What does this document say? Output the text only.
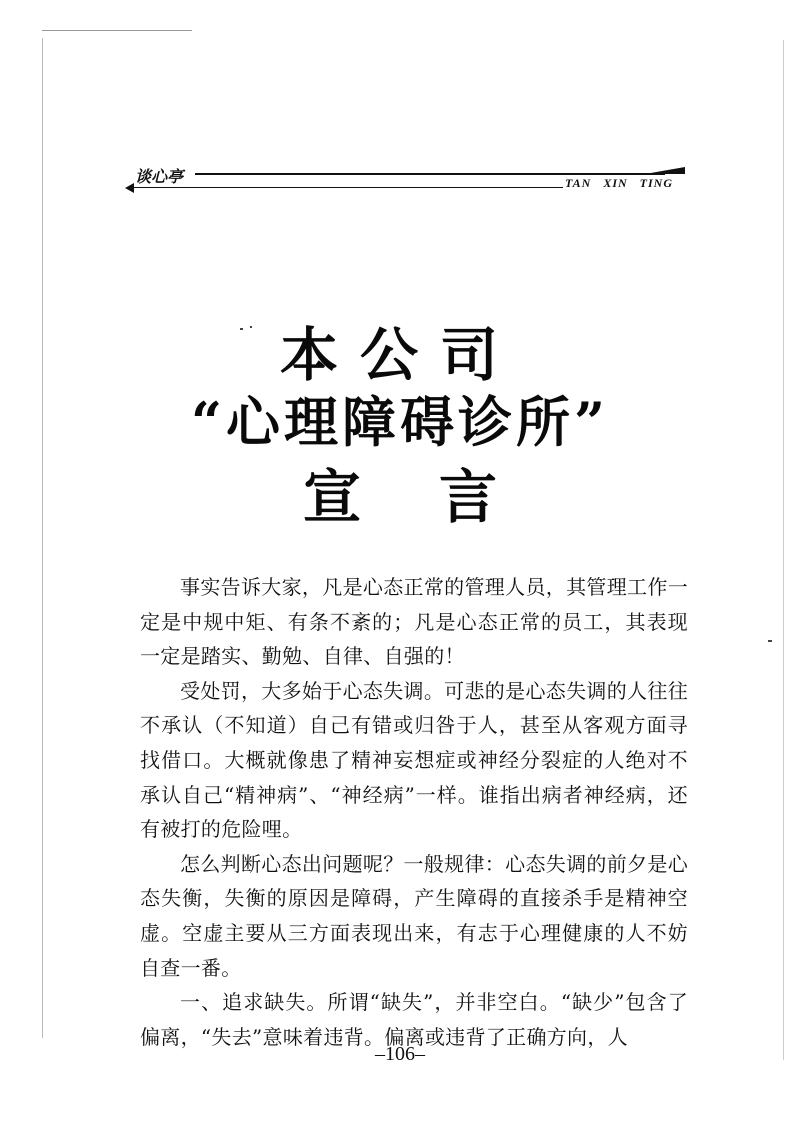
谈心亭	TAN XIN TING
本公司
“心理障碍诊所”
宣言

事实告诉大家，凡是心态正常的管理人员，其管理工作一定是中规中矩、有条不紊的；凡是心态正常的员工，其表现一定是踏实、勤勉、自律、自强的！

受处罚，大多始于心态失调。可悲的是心态失调的人往往不承认（不知道）自己有错或归咎于人，甚至从客观方面寻找借口。大概就像患了精神妄想症或神经分裂症的人绝对不承认自己“精神病”、“神经病”一样。谁指出病者神经病，还有被打的危险哩。

怎么判断心态出问题呢？一般规律：心态失调的前夕是心态失衡，失衡的原因是障碍，产生障碍的直接杀手是精神空虚。空虚主要从三方面表现出来，有志于心理健康的人不妨自查一番。

一、追求缺失。所谓“缺失”，并非空白。“缺少”包含了偏离，“失去”意味着违背。偏离或违背了正确方向，人

–106–
